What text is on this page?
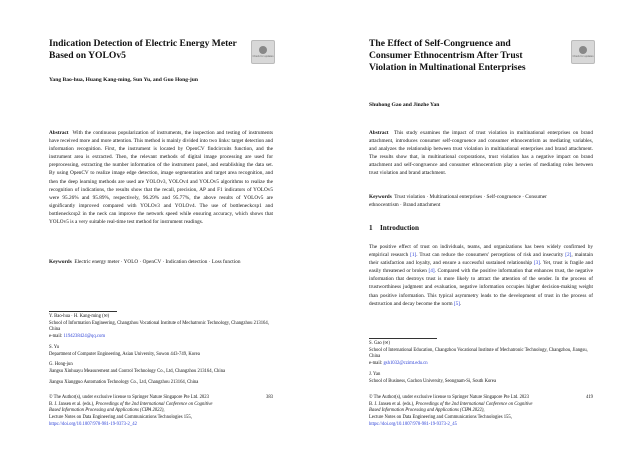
Indication Detection of Electric Energy Meter Based on YOLOv5	Check for updates
Yang Bao-hua, Huang Kang-ming, Sun Yu, and Guo Hong-jun
Abstract With the continuous popularization of instruments, the inspection and testing of instruments have received more and more attention. This method is mainly divided into two links: target detection and information recognition. First, the instrument is located by OpenCV findcircuits function, and the instrument area is extracted. Then, the relevant methods of digital image processing are used for preprocessing, extracting the number information of the instrument panel, and establishing the data set. By using OpenCV to realize image edge detection, image segmentation and target area recognition, and then the deep learning methods are used are YOLOv3, YOLOv4 and YOLOv5 algorithms to realize the recognition of indications, the results show that the recall, precision, AP and F1 indicators of YOLOv5 were 95.26% and 95.89%, respectively, 96.29% and 95.77%, the above results of YOLOv5 are significantly improved compared with YOLOv3 and YOLOv4. The use of bottleneckcsp1 and bottleneckcsp2 in the neck can improve the network speed while ensuring accuracy, which shows that YOLOv5 is a very suitable real-time test method for instrument readings.
Keywords Electric energy meter · YOLO · OpenCV · Indication detection · Loss function
Y. Bao-hua · H. Kang-ming (✉)
School of Information Engineering, Changzhou Vocational Institute of Mechatronic Technology, Changzhou 213164, China
e-mail: 1194238424@qq.com
S. Yu
Department of Computer Engineering, Asian University, Suwon 443-749, Korea
G. Hong-jun
Jiangsu Xinhuayu Measurement and Control Technology Co., Ltd, Changzhou 213164, China
Jiangsu Xiangguo Automation Technology Co., Ltd, Changzhou 213164, China
© The Author(s), under exclusive license to Springer Nature Singapore Pte Ltd. 2023	383
B. J. Jansen et al. (eds.), Proceedings of the 2nd International Conference on Cognitive Based Information Processing and Applications (CIPA 2022),
Lecture Notes on Data Engineering and Communications Technologies 155,
https://doi.org/10.1007/978-981-19-9373-2_42
The Effect of Self-Congruence and Consumer Ethnocentrism After Trust Violation in Multinational Enterprises
Check for updates
Shuhong Gao and Jinzhe Yan
Abstract This study examines the impact of trust violation in multinational enterprises on brand attachment, introduces consumer self-congruence and consumer ethnocentrism as mediating variables, and analyzes the relationship between trust violation in multinational enterprises and brand attachment. The results show that, in multinational corporations, trust violation has a negative impact on brand attachment and self-congruence and consumer ethnocentrism play a series of mediating roles between trust violation and brand attachment.
Keywords Trust violation · Multinational enterprises · Self-congruence · Consumer ethnocentrism · Brand attachment
1 Introduction
The positive effect of trust on individuals, teams, and organizations has been widely confirmed by empirical research [1]. Trust can reduce the consumers' perceptions of risk and insecurity [2], maintain their satisfaction and loyalty, and ensure a successful sustained relationship [3]. Yet, trust is fragile and easily threatened or broken [4]. Compared with the positive information that enhances trust, the negative information that destroys trust is more likely to attract the attention of the sender. In the process of trustworthiness judgment and evaluation, negative information occupies higher decision-making weight than positive information. This typical asymmetry leads to the development of trust in the process of destruction and decay become the norm [5].
S. Gao (✉)
School of International Education, Changzhou Vocational Institute of Mechatronic Technology, Changzhou, Jiangsu, China
e-mail: gsh1032@czimt.edu.cn
J. Yan
School of Business, Gachon University, Seongnam-Si, South Korea
© The Author(s), under exclusive license to Springer Nature Singapore Pte Ltd. 2023	419
B. J. Jansen et al. (eds.), Proceedings of the 2nd International Conference on Cognitive Based Information Processing and Applications (CIPA 2022),
Lecture Notes on Data Engineering and Communications Technologies 155,
https://doi.org/10.1007/978-981-19-9373-2_45
